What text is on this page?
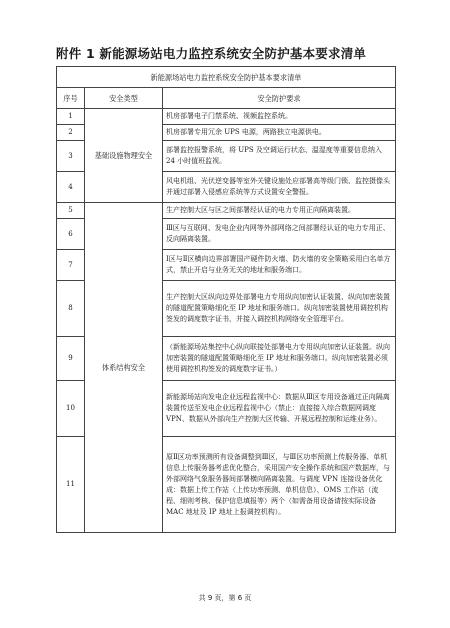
附件 1 新能源场站电力监控系统安全防护基本要求清单
新能源场站电力监控系统安全防护基本要求清单		
序号	安全类型	安全防护要求
1	基础设施物理安全	机房部署电子门禁系统、视频监控系统。
2		机房部署专用冗余 UPS 电源，两路独立电源供电。
3		部署监控报警系统，将 UPS 及空调运行状态、温湿度等重要信息纳入 24 小时值班监视。
4		风电机组、光伏逆变器等室外关键设施处应部署高等级门锁、监控摄像头并通过部署入侵感应系统等方式设置安全警报。
5	体系结构安全	生产控制大区与区之间部署经认证的电力专用正向隔离装置。
6		Ⅲ区与互联网、发电企业内网等外部网络之间部署经认证的电力专用正、反向隔离装置。
7		Ⅰ区与Ⅱ区横向边界部署国产硬件防火墙、防火墙的安全策略采用白名单方式，禁止开启与业务无关的地址和服务端口。
8		生产控制大区纵向边界处部署电力专用纵向加密认证装置、纵向加密装置的隧道配置策略细化至 IP 地址和服务端口。纵向加密装置使用调控机构签发的调度数字证书，并接入调控机构网络安全管理平台。
9		（新能源场站集控中心纵向联接处部署电力专用纵向加密认证装置。纵向加密装置的隧道配置策略细化至 IP 地址和服务端口。纵向加密装置必须使用调控机构签发的调度数字证书。）
10		新能源场站向发电企业远程监视中心：数据从Ⅲ区专用设备通过正向隔离装置传送至发电企业远程监视中心（禁止：直接接入综合数据网调度 VPN、数据从外部向生产控制大区传输、开展远程控制和运维业务）。
11		原Ⅱ区功率预测所有设备调整到Ⅲ区，与Ⅲ区功率预测上传服务器、单机信息上传服务器考虑优化整合，采用国产安全操作系统和国产数据库，与外部网络气象服务器间部署横向隔离装置。与调度 VPN 连接设备优化成：数据上传工作站（上传功率预测、单机信息）、OMS 工作站（流程、细则考核、保护信息填报等）两个（如需备用设备请按实际设备 MAC 地址及 IP 地址上报调控机构）。
共 9 页，第 6 页
